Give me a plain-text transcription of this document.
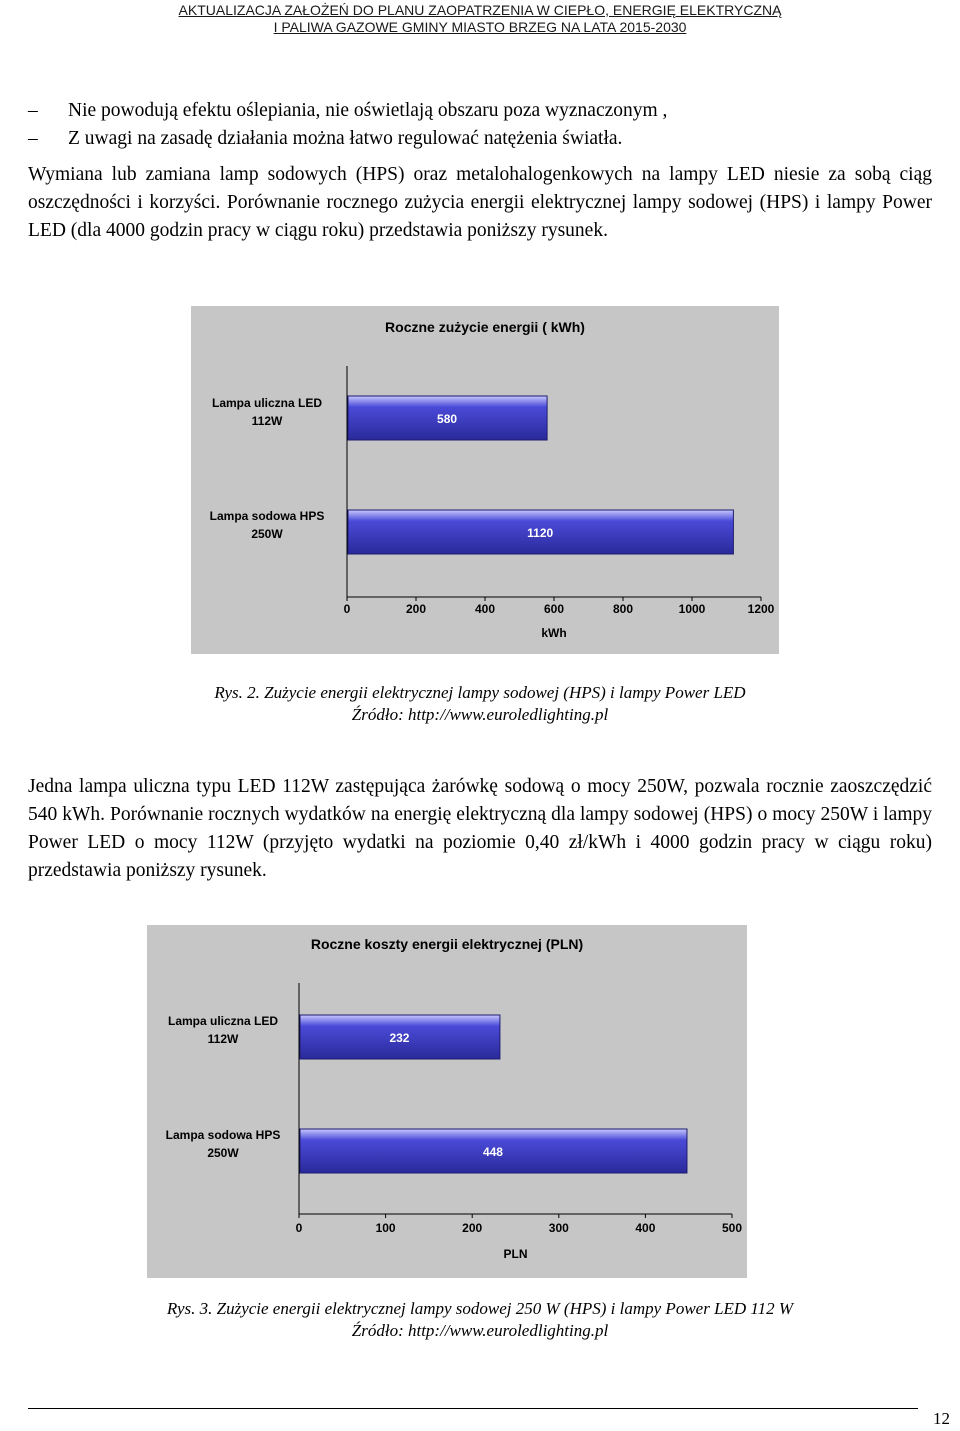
AKTUALIZACJA ZAŁOŻEŃ DO PLANU ZAOPATRZENIA W CIEPŁO, ENERGIĘ ELEKTRYCZNĄ
I PALIWA GAZOWE GMINY MIASTO BRZEG NA LATA 2015-2030
– Nie powodują efektu oślepiania, nie oświetlają obszaru poza wyznaczonym ,
– Z uwagi na zasadę działania można łatwo regulować natężenia światła.
Wymiana lub zamiana lamp sodowych (HPS) oraz metalohalogenkowych na lampy LED niesie za sobą ciąg oszczędności i korzyści. Porównanie rocznego zużycia energii elektrycznej lampy sodowej (HPS) i lampy Power LED (dla 4000 godzin pracy w ciągu roku) przedstawia poniższy rysunek.
Roczne zużycie energii ( kWh)
580
Lampa uliczna LED
112W
1120
Lampa sodowa HPS
250W
0	200	400	600	800	1000	1200
kWh
Rys. 2. Zużycie energii elektrycznej lampy sodowej (HPS) i lampy Power LED
Źródło: http://www.euroledlighting.pl
Jedna lampa uliczna typu LED 112W zastępująca żarówkę sodową o mocy 250W, pozwala rocznie zaoszczędzić 540 kWh. Porównanie rocznych wydatków na energię elektryczną dla lampy sodowej (HPS) o mocy 250W i lampy Power LED o mocy 112W (przyjęto wydatki na poziomie 0,40 zł/kWh i 4000 godzin pracy w ciągu roku) przedstawia poniższy rysunek.
Roczne koszty energii elektrycznej (PLN)
232
Lampa uliczna LED
112W
448
Lampa sodowa HPS
250W
0	100	200	300	400	500
PLN
Rys. 3. Zużycie energii elektrycznej lampy sodowej 250 W (HPS) i lampy Power LED 112 W
Źródło: http://www.euroledlighting.pl
12
